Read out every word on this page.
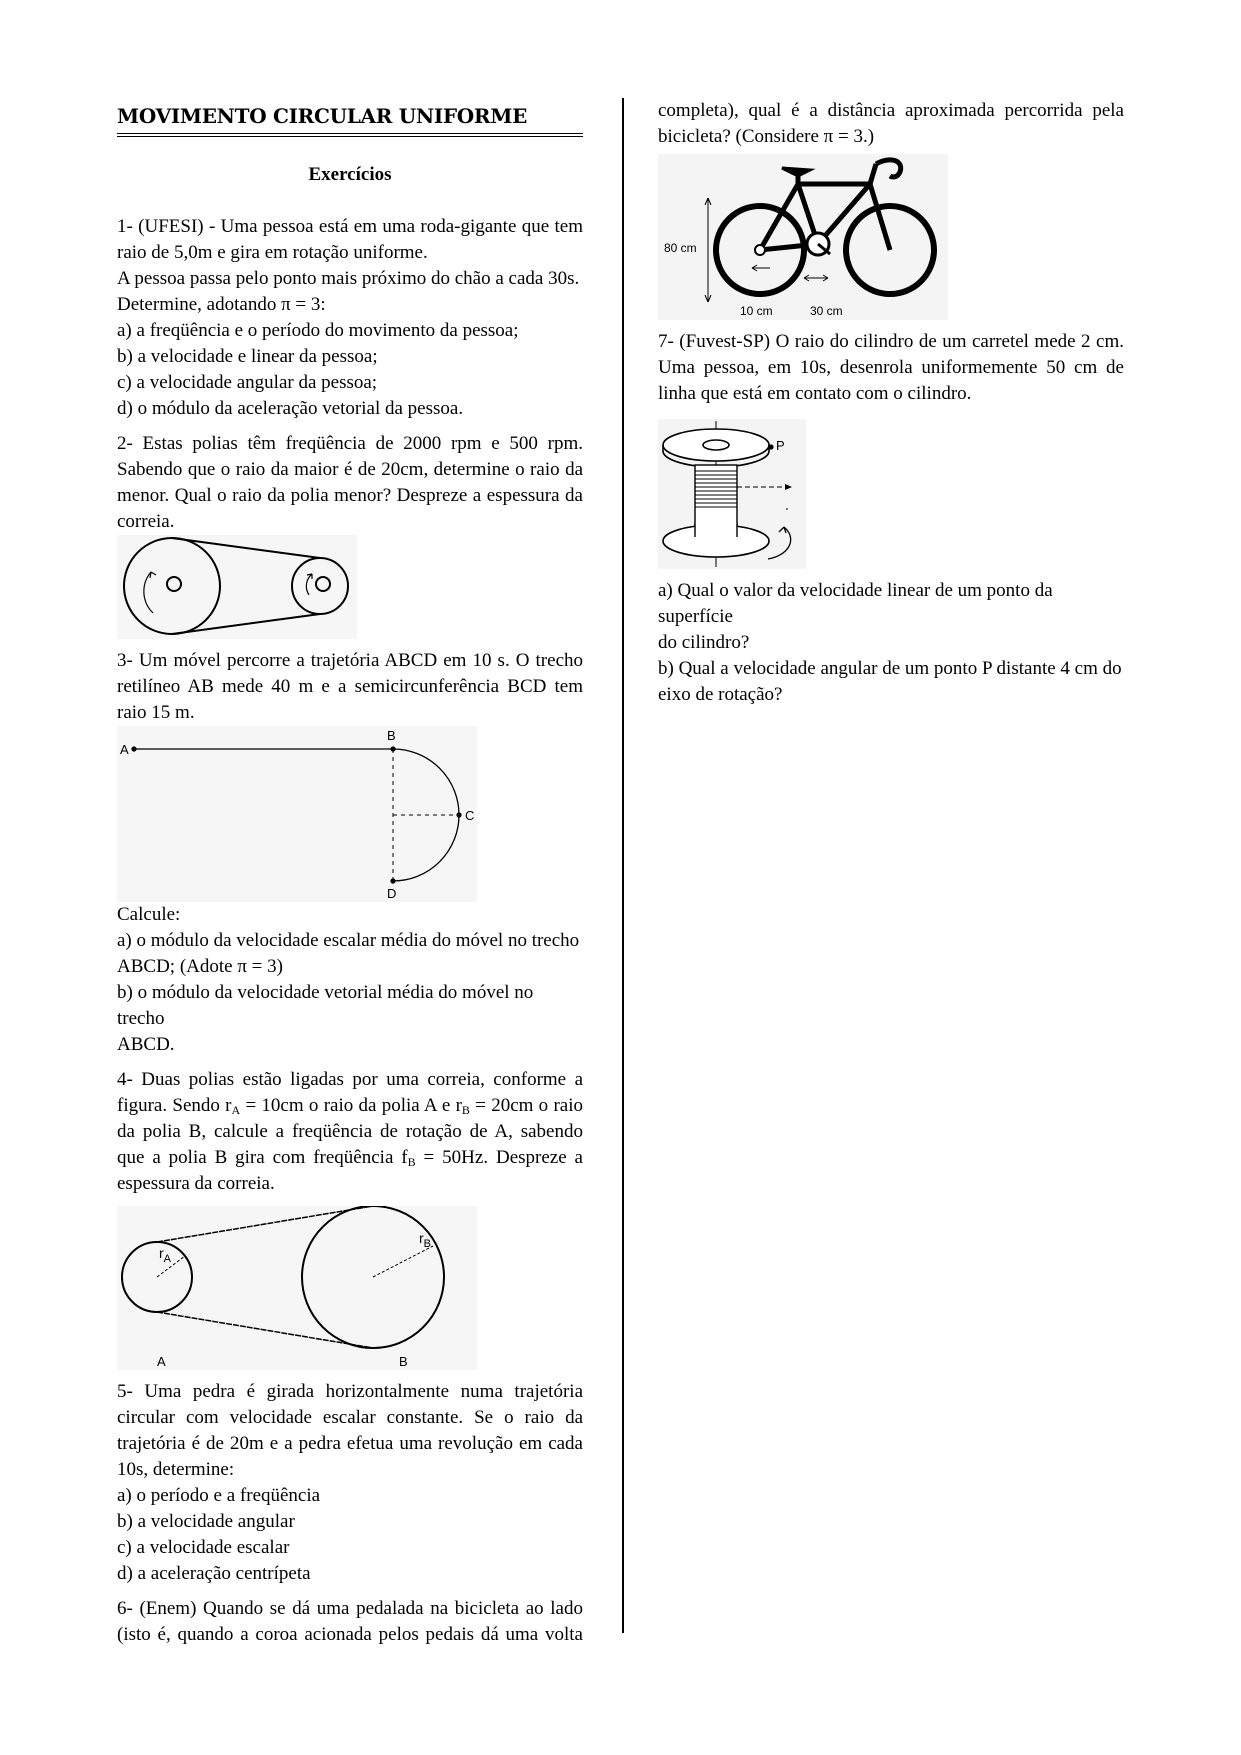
MOVIMENTO CIRCULAR UNIFORME
Exercícios

1- (UFESI) - Uma pessoa está em uma roda-gigante que tem

raio de 5,0m e gira em rotação uniforme.

A pessoa passa pelo ponto mais próximo do chão a cada 30s.

Determine, adotando π = 3:

a) a freqüência e o período do movimento da pessoa;

b) a velocidade e linear da pessoa;

c) a velocidade angular da pessoa;

d) o módulo da aceleração vetorial da pessoa.

2- Estas polias têm freqüência de 2000 rpm e 500 rpm. Sabendo que o raio da maior é de 20cm, determine o raio da menor. Qual o raio da polia menor? Despreze a espessura da correia.

3- Um móvel percorre a trajetória ABCD em 10 s. O trecho retilíneo AB mede 40 m e a semicircunferência BCD tem raio 15 m.

A
B
C
D

Calcule:

a) o módulo da velocidade escalar média do móvel no trecho

ABCD; (Adote π = 3)

b) o módulo da velocidade vetorial média do móvel no trecho

ABCD.

4- Duas polias estão ligadas por uma correia, conforme a figura. Sendo $r_A = 10cm$ o raio da polia A e $r_B = 20cm$ o raio da polia B, calcule a freqüência de rotação de A, sabendo que a polia B gira com freqüência $f_B = 50Hz$. Despreze a espessura da correia.

$r_A$
$r_B$
A	B

5- Uma pedra é girada horizontalmente numa trajetória circular com velocidade escalar constante. Se o raio da trajetória é de 20m e a pedra efetua uma revolução em cada 10s, determine:

a) o período e a freqüência

b) a velocidade angular

c) a velocidade escalar

d) a aceleração centrípeta

6- (Enem) Quando se dá uma pedalada na bicicleta ao lado (isto é, quando a coroa acionada pelos pedais dá uma volta

completa), qual é a distância aproximada percorrida pela bicicleta? (Considere π = 3.)

80 cm
10 cm	30 cm

7- (Fuvest-SP) O raio do cilindro de um carretel mede 2 cm. Uma pessoa, em 10s, desenrola uniformemente 50 cm de linha que está em contato com o cilindro.

P

a) Qual o valor da velocidade linear de um ponto da superfície

do cilindro?

b) Qual a velocidade angular de um ponto P distante 4 cm do

eixo de rotação?
